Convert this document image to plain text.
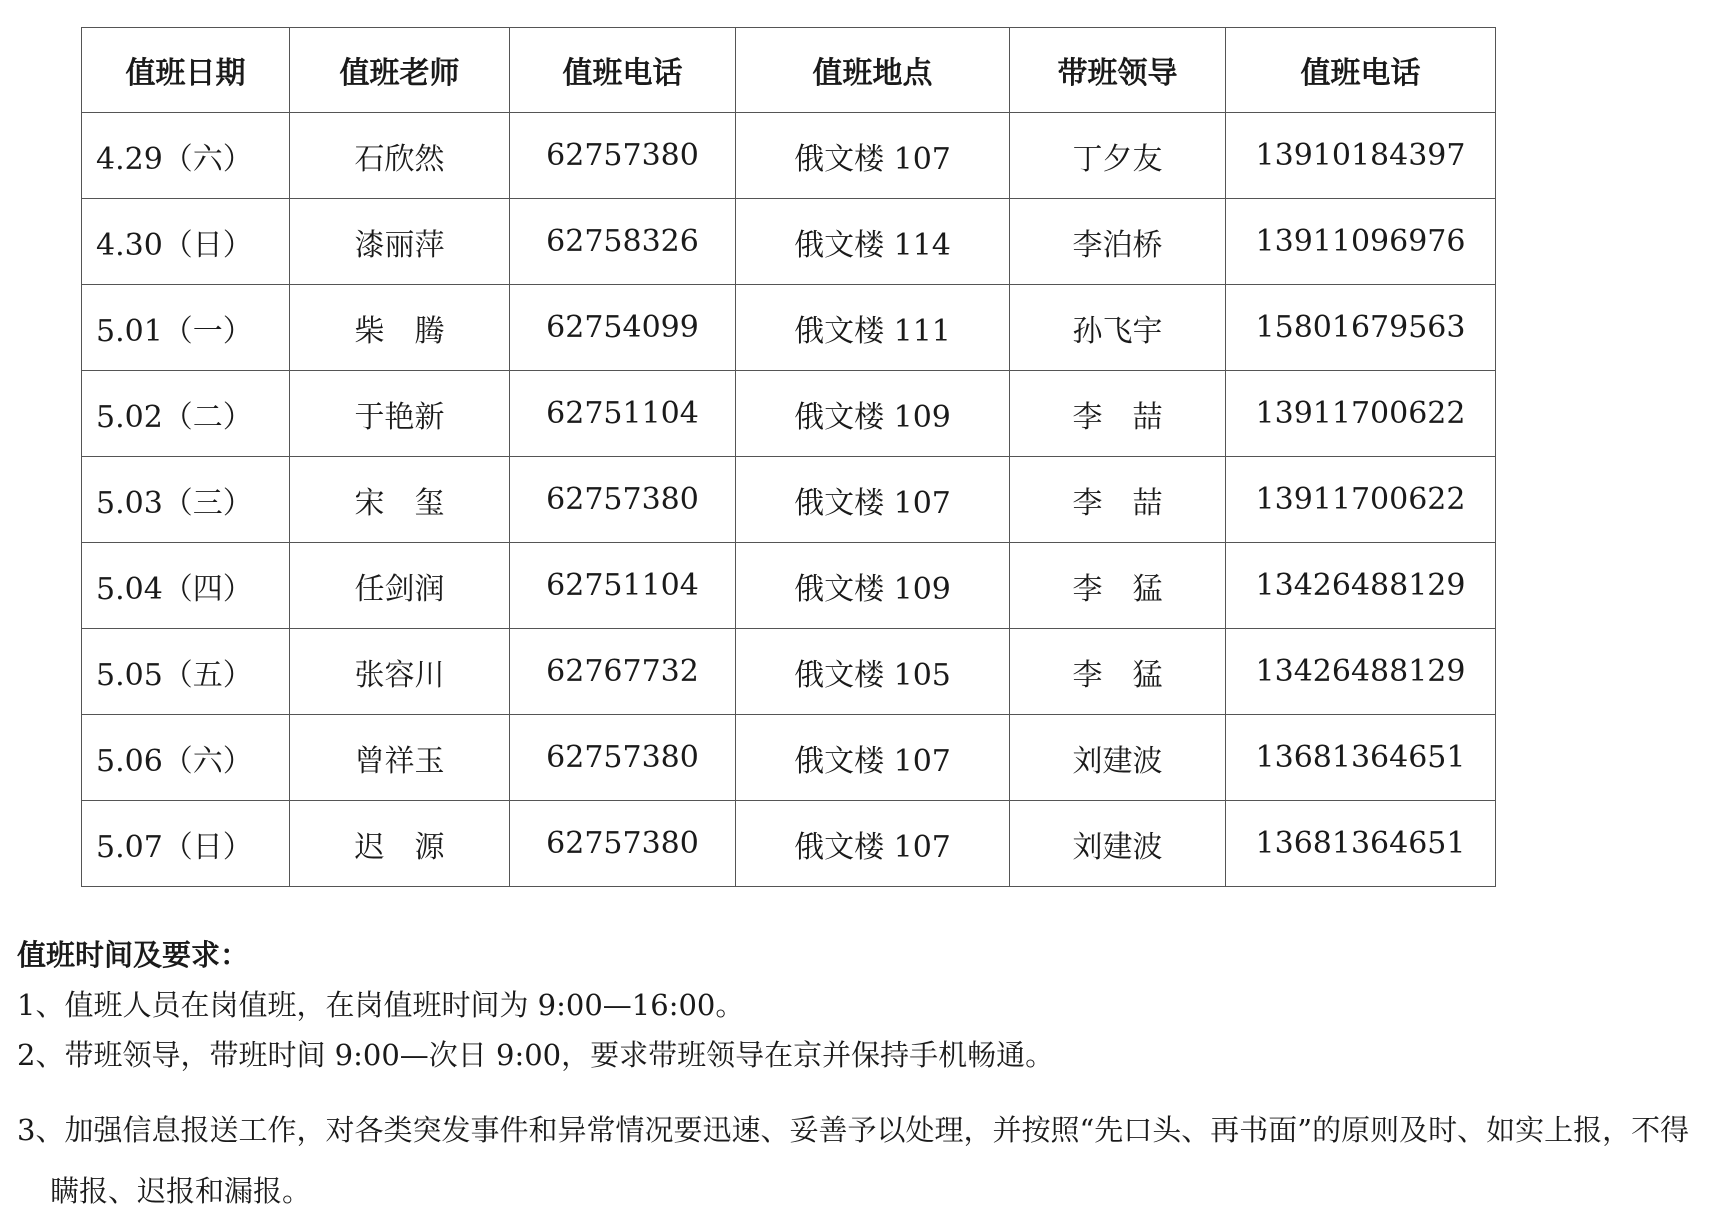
值班日期	值班老师	值班电话	值班地点	带班领导	值班电话
4.29（六）	石欣然	62757380	俄文楼 107	丁夕友	13910184397
4.30（日）	漆丽萍	62758326	俄文楼 114	李泊桥	13911096976
5.01（一）	柴　腾	62754099	俄文楼 111	孙飞宇	15801679563
5.02（二）	于艳新	62751104	俄文楼 109	李　喆	13911700622
5.03（三）	宋　玺	62757380	俄文楼 107	李　喆	13911700622
5.04（四）	任剑润	62751104	俄文楼 109	李　猛	13426488129
5.05（五）	张容川	62767732	俄文楼 105	李　猛	13426488129
5.06（六）	曾祥玉	62757380	俄文楼 107	刘建波	13681364651
5.07（日）	迟　源	62757380	俄文楼 107	刘建波	13681364651

值班时间及要求：

1、值班人员在岗值班，在岗值班时间为 9:00—16:00。

2、带班领导，带班时间 9:00—次日 9:00，要求带班领导在京并保持手机畅通。

3、加强信息报送工作，对各类突发事件和异常情况要迅速、妥善予以处理，并按照“先口头、再书面”的原则及时、如实上报，不得瞒报、迟报和漏报。
